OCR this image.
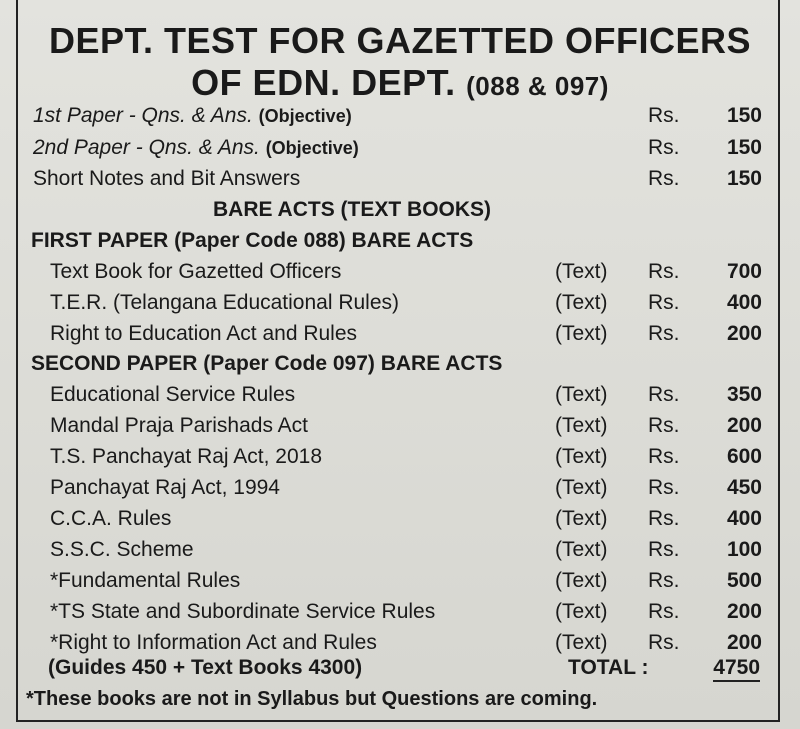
DEPT. TEST FOR GAZETTED OFFICERS
OF EDN. DEPT. (088 & 097)
1st Paper - Qns. & Ans. (Objective)	Rs. 150
2nd Paper - Qns. & Ans. (Objective)	Rs. 150
Short Notes and Bit Answers	Rs. 150
BARE ACTS (TEXT BOOKS)
FIRST PAPER (Paper Code 088) BARE ACTS
Text Book for Gazetted Officers	(Text) Rs. 700
T.E.R. (Telangana Educational Rules)	(Text) Rs. 400
Right to Education Act and Rules	(Text) Rs. 200
SECOND PAPER (Paper Code 097) BARE ACTS
Educational Service Rules	(Text) Rs. 350
Mandal Praja Parishads Act	(Text) Rs. 200
T.S. Panchayat Raj Act, 2018	(Text) Rs. 600
Panchayat Raj Act, 1994	(Text) Rs. 450
C.C.A. Rules	(Text) Rs. 400
S.S.C. Scheme	(Text) Rs. 100
*Fundamental Rules	(Text) Rs. 500
*TS State and Subordinate Service Rules	(Text) Rs. 200
*Right to Information Act and Rules	(Text) Rs. 200
(Guides 450 + Text Books 4300)	TOTAL :	4750
*These books are not in Syllabus but Questions are coming.
